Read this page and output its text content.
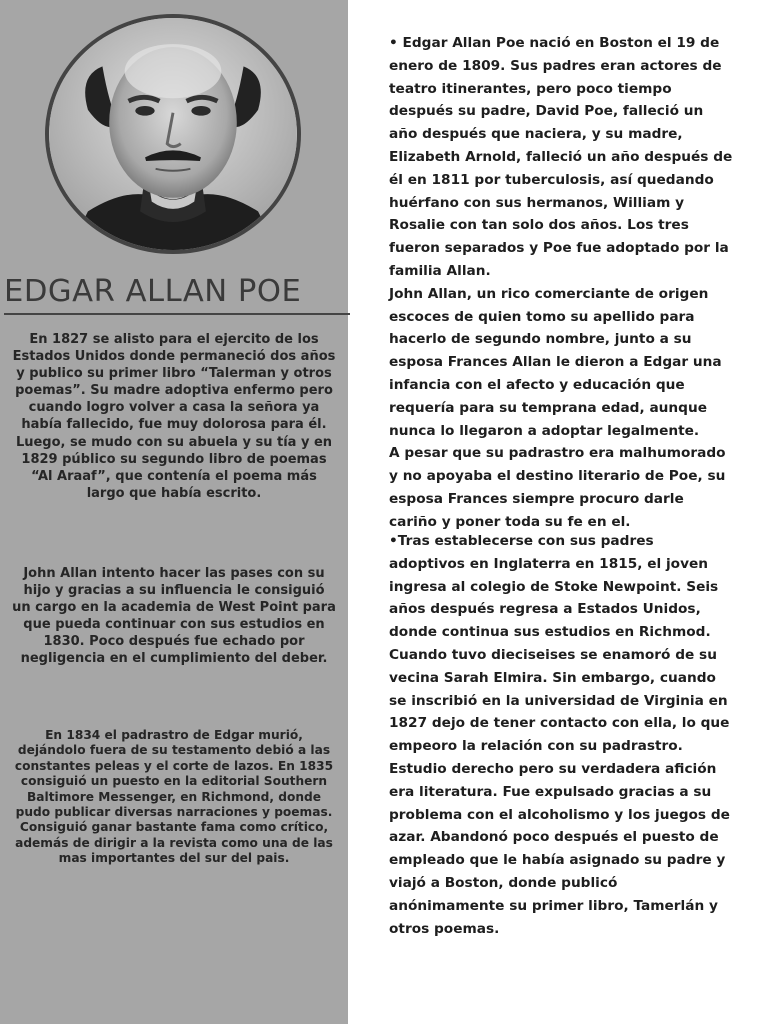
EDGAR ALLAN POE

En 1827 se alisto para el ejercito de los Estados Unidos donde permaneció dos años y publico su primer libro “Talerman y otros poemas”. Su madre adoptiva enfermo pero cuando logro volver a casa la señora ya había fallecido, fue muy dolorosa para él. Luego, se mudo con su abuela y su tía y en 1829 público su segundo libro de poemas “Al Araaf”, que contenía el poema más largo que había escrito.

John Allan intento hacer las pases con su hijo y gracias a su influencia le consiguió un cargo en la academia de West Point para que pueda continuar con sus estudios en 1830. Poco después fue echado por negligencia en el cumplimiento del deber.

En 1834 el padrastro de Edgar murió, dejándolo fuera de su testamento debió a las constantes peleas y el corte de lazos. En 1835 consiguió un puesto en la editorial Southern Baltimore Messenger, en Richmond, donde pudo publicar diversas narraciones y poemas. Consiguió ganar bastante fama como crítico, además de dirigir a la revista como una de las mas importantes del sur del pais.

• Edgar Allan Poe nació en Boston el 19 de enero de 1809. Sus padres eran actores de teatro itinerantes, pero poco tiempo después su padre, David Poe, falleció un año después que naciera, y su madre, Elizabeth Arnold, falleció un año después de él en 1811 por tuberculosis, así quedando huérfano con sus hermanos, William y Rosalie con tan solo dos años. Los tres fueron separados y Poe fue adoptado por la familia Allan.
John Allan, un rico comerciante de origen escoces de quien tomo su apellido para hacerlo de segundo nombre, junto a su esposa Frances Allan le dieron a Edgar una infancia con el afecto y educación que requería para su temprana edad, aunque nunca lo llegaron a adoptar legalmente.
A pesar que su padrastro era malhumorado y no apoyaba el destino literario de Poe, su esposa Frances siempre procuro darle cariño y poner toda su fe en el.

•Tras establecerse con sus padres adoptivos en Inglaterra en 1815, el joven ingresa al colegio de Stoke Newpoint. Seis años después regresa a Estados Unidos, donde continua sus estudios en Richmod. Cuando tuvo dieciseises se enamoró de su vecina Sarah Elmira. Sin embargo, cuando se inscribió en la universidad de Virginia en 1827 dejo de tener contacto con ella, lo que empeoro la relación con su padrastro. Estudio derecho pero su verdadera afición era literatura. Fue expulsado gracias a su problema con el alcoholismo y los juegos de azar. Abandonó poco después el puesto de empleado que le había asignado su padre y viajó a Boston, donde publicó anónimamente su primer libro, Tamerlán y otros poemas.
